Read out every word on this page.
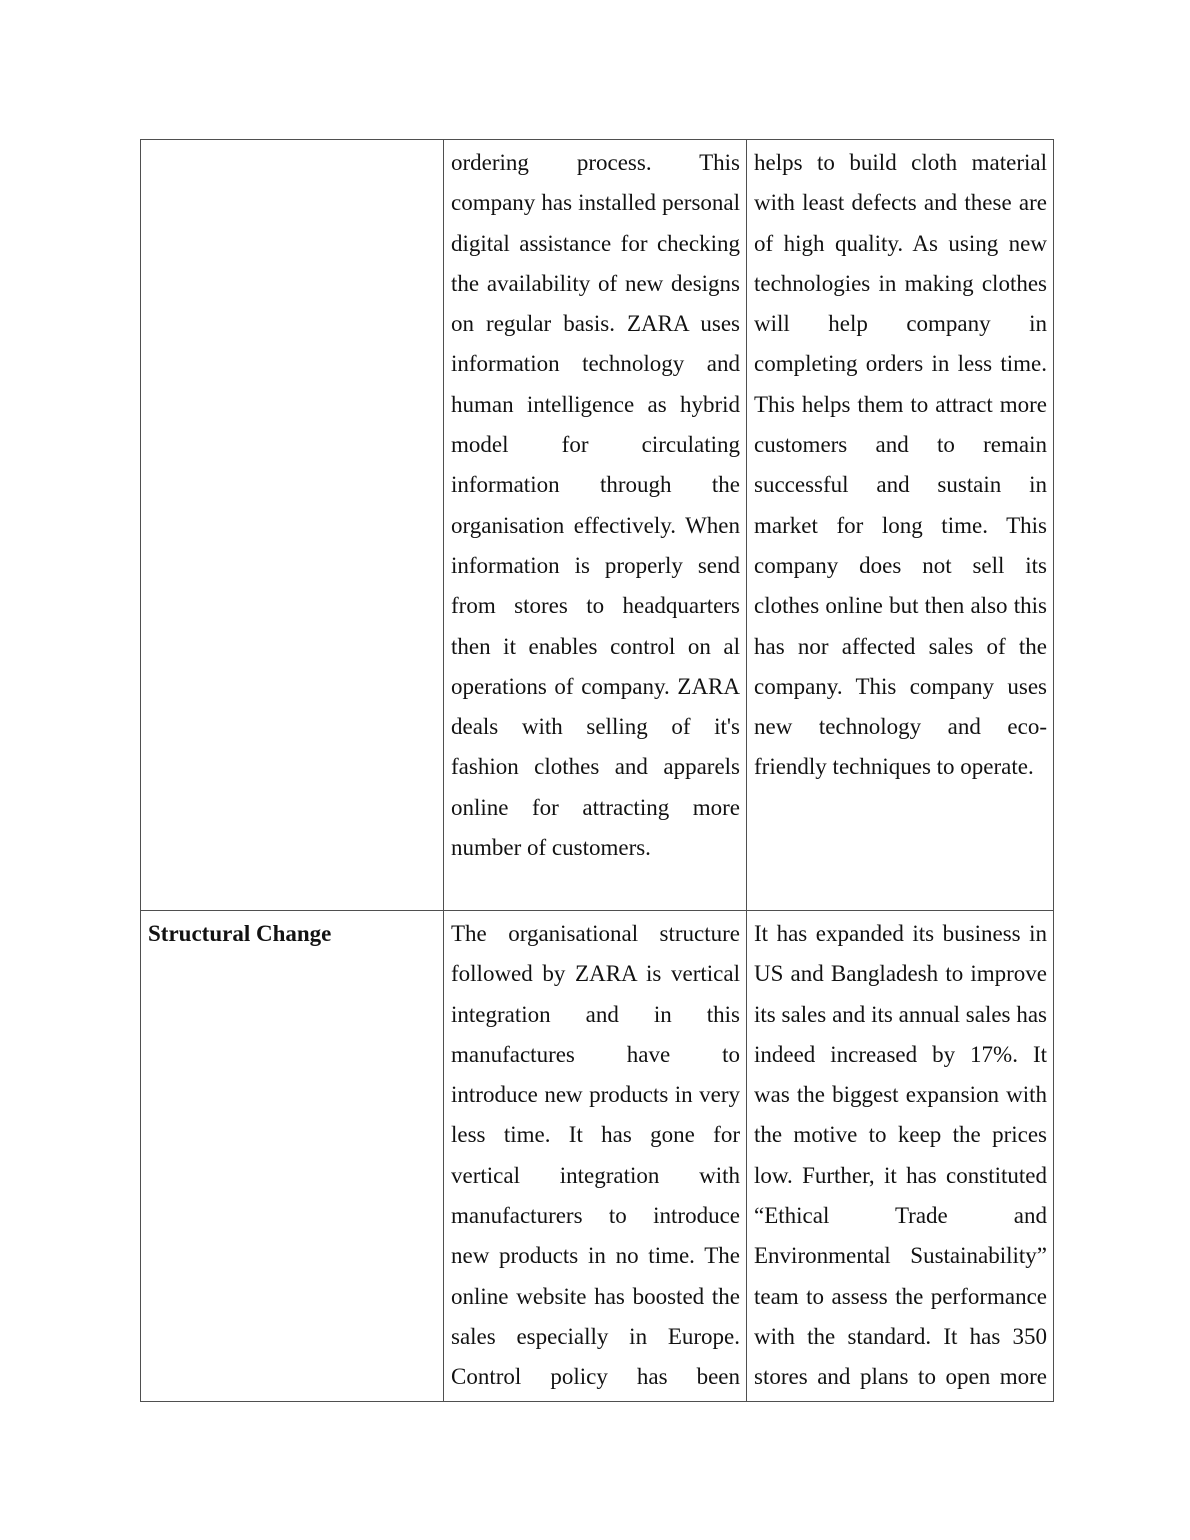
	ordering process. This company has installed personal digital assistance for checking the availability of new designs on regular basis. ZARA uses information technology and human intelligence as hybrid model for circulating information through the organisation effectively. When information is properly send from stores to headquarters then it enables control on al operations of company. ZARA deals with selling of it's fashion clothes and apparels online for attracting more number of customers.	helps to build cloth material with least defects and these are of high quality. As using new technologies in making clothes will help company in completing orders in less time. This helps them to attract more customers and to remain successful and sustain in market for long time. This company does not sell its clothes online but then also this has nor affected sales of the company. This company uses new technology and eco-friendly techniques to operate.
Structural Change	The organisational structure followed by ZARA is vertical integration and in this manufactures have to introduce new products in very less time. It has gone for vertical integration with manufacturers to introduce new products in no time. The online website has boosted the sales especially in Europe. Control policy has been	It has expanded its business in US and Bangladesh to improve its sales and its annual sales has indeed increased by 17%. It was the biggest expansion with the motive to keep the prices low. Further, it has constituted “Ethical Trade and Environmental Sustainability” team to assess the performance with the standard. It has 350 stores and plans to open more
